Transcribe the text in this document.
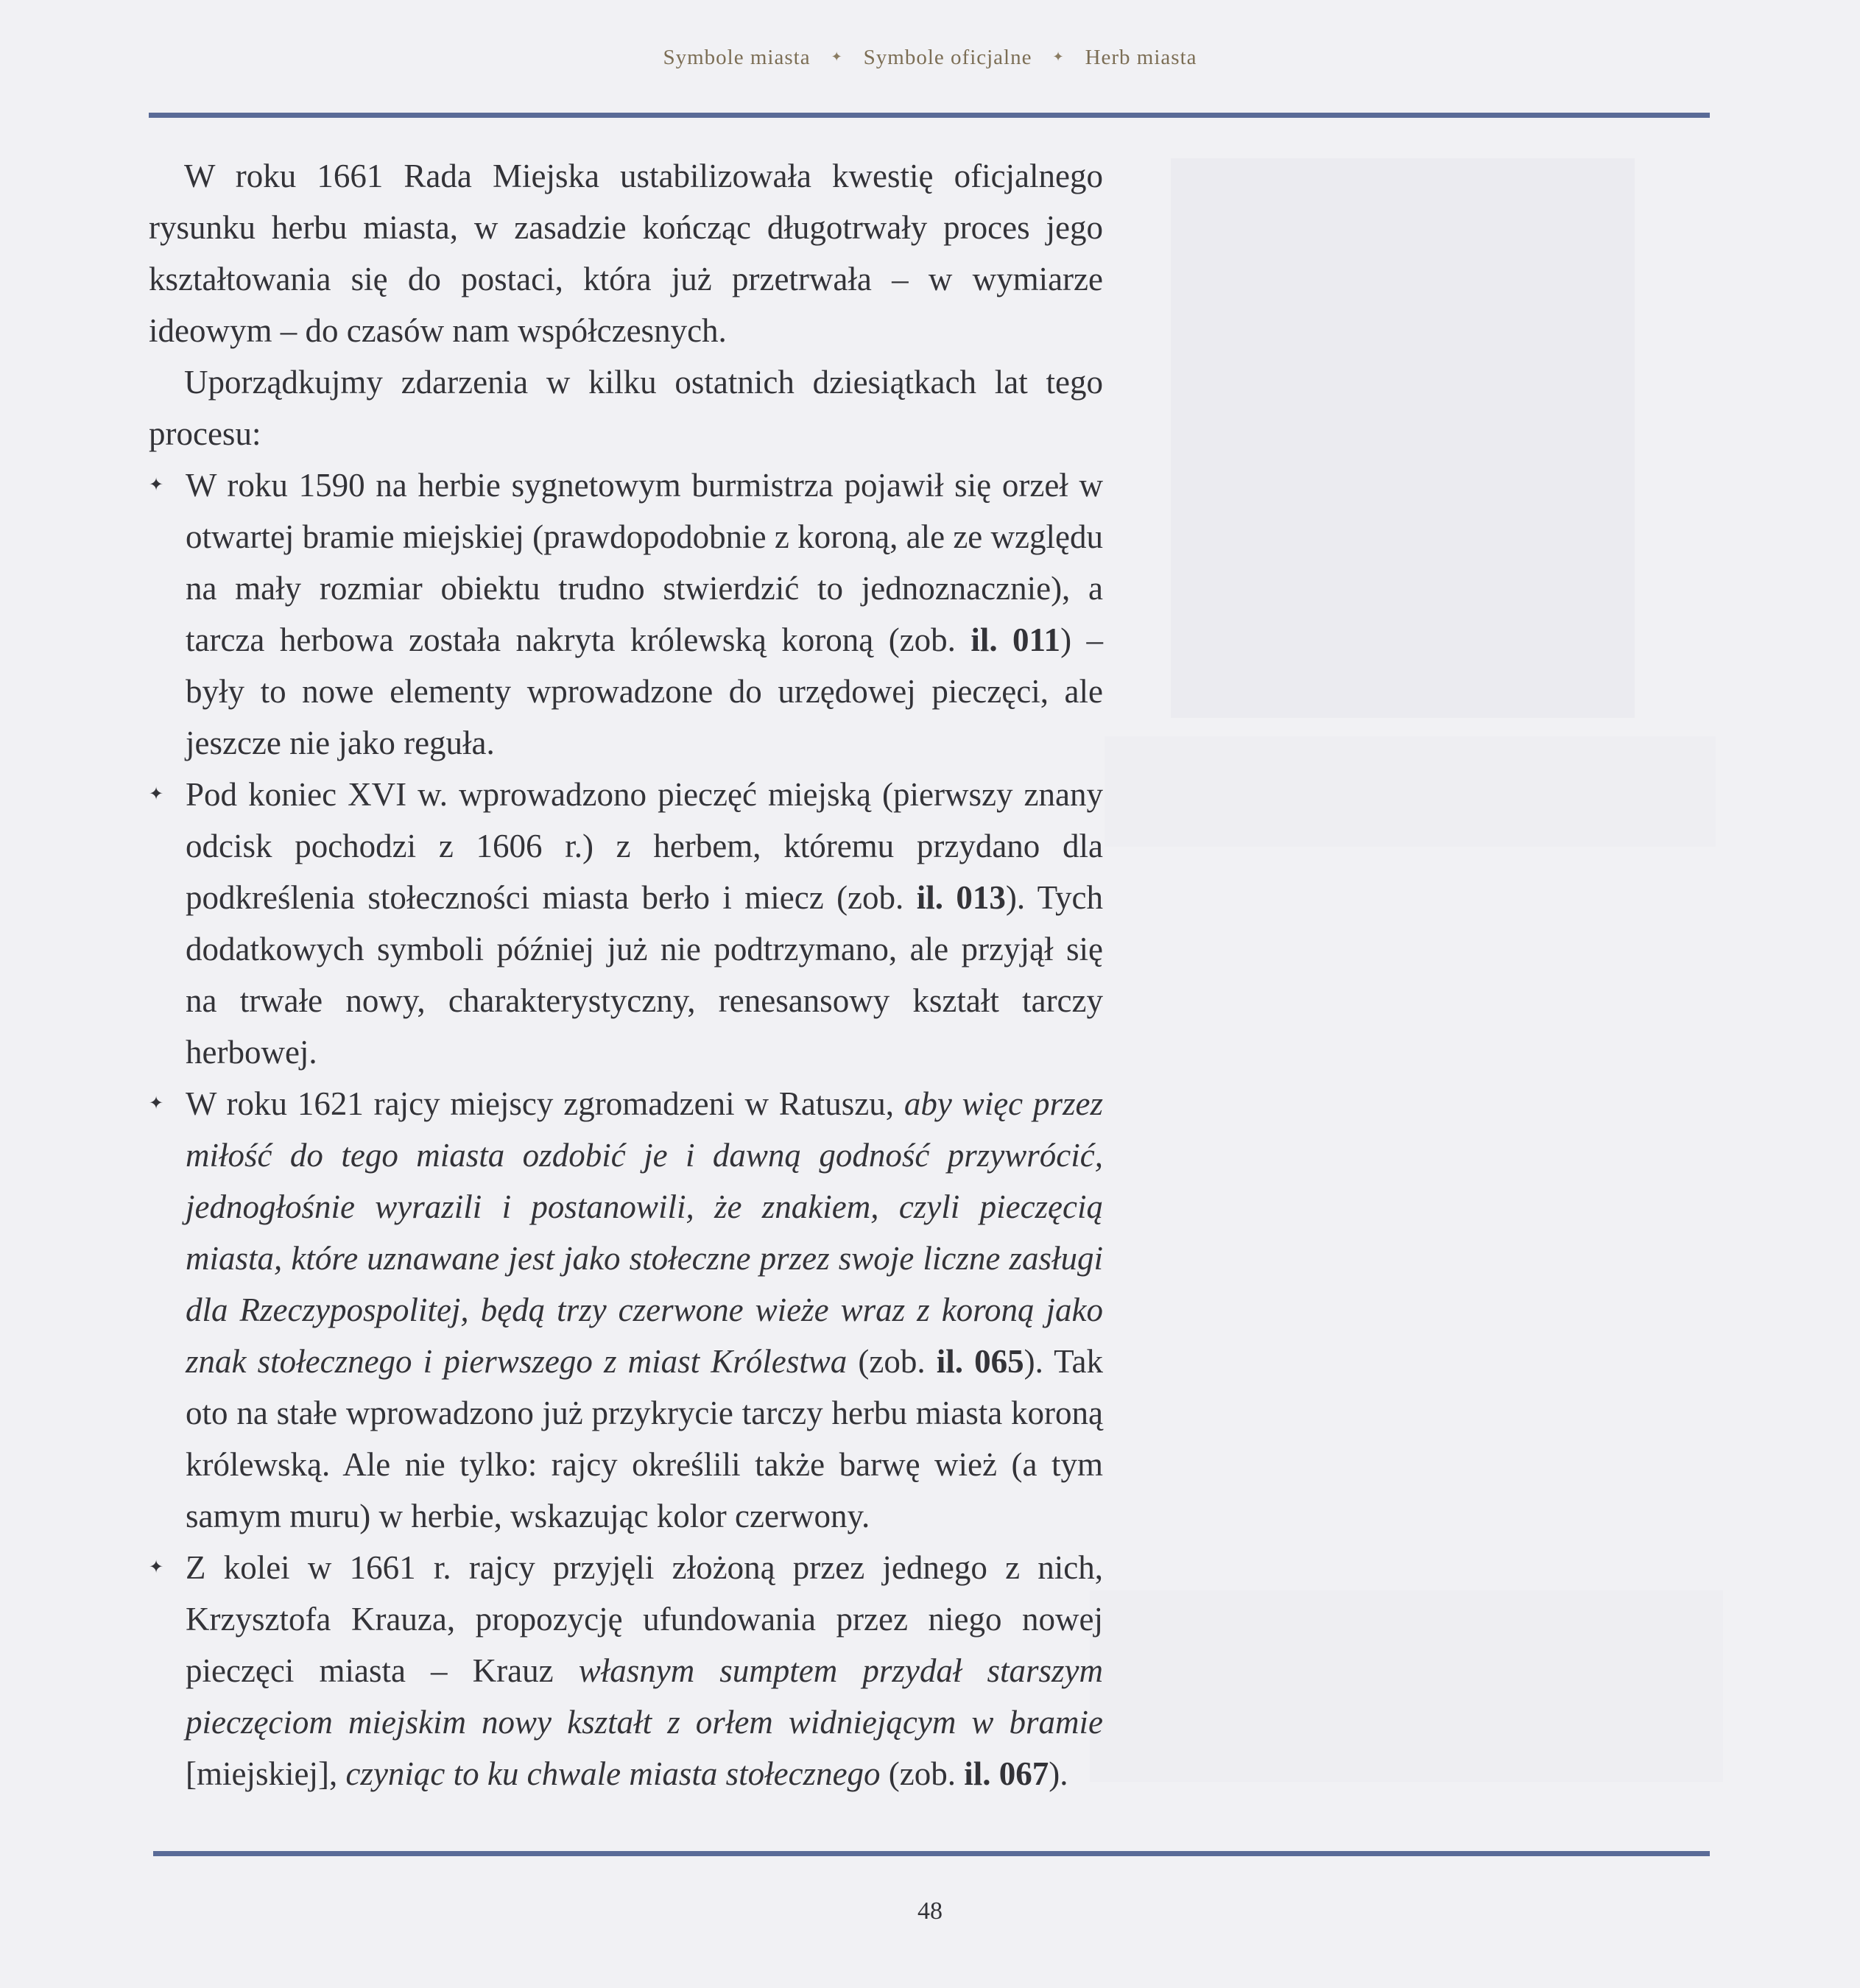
Symbole miasta ✦ Symbole oficjalne ✦ Herb miasta

W roku 1661 Rada Miejska ustabilizowała kwestię oficjalnego rysunku herbu miasta, w zasadzie kończąc długotrwały proces jego kształtowania się do postaci, która już przetrwała – w wymiarze ideowym – do czasów nam współczesnych.

Uporządkujmy zdarzenia w kilku ostatnich dziesiątkach lat tego procesu:

✦ W roku 1590 na herbie sygnetowym burmistrza pojawił się orzeł w otwartej bramie miejskiej (prawdopodobnie z koroną, ale ze względu na mały rozmiar obiektu trudno stwierdzić to jednoznacznie), a tarcza herbowa została nakryta królewską koroną (zob. il. 011) – były to nowe elementy wprowadzone do urzędowej pieczęci, ale jeszcze nie jako reguła.
✦ Pod koniec XVI w. wprowadzono pieczęć miejską (pierwszy znany odcisk pochodzi z 1606 r.) z herbem, któremu przydano dla podkreślenia stołeczności miasta berło i miecz (zob. il. 013). Tych dodatkowych symboli później już nie podtrzymano, ale przyjął się na trwałe nowy, charakterystyczny, renesansowy kształt tarczy herbowej.
✦ W roku 1621 rajcy miejscy zgromadzeni w Ratuszu, aby więc przez miłość do tego miasta ozdobić je i dawną godność przywrócić, jednogłośnie wyrazili i postanowili, że znakiem, czyli pieczęcią miasta, które uznawane jest jako stołeczne przez swoje liczne zasługi dla Rzeczypospolitej, będą trzy czerwone wieże wraz z koroną jako znak stołecznego i pierwszego z miast Królestwa (zob. il. 065). Tak oto na stałe wprowadzono już przykrycie tarczy herbu miasta koroną królewską. Ale nie tylko: rajcy określili także barwę wież (a tym samym muru) w herbie, wskazując kolor czerwony.
✦ Z kolei w 1661 r. rajcy przyjęli złożoną przez jednego z nich, Krzysztofa Krauza, propozycję ufundowania przez niego nowej pieczęci miasta – Krauz własnym sumptem przydał starszym pieczęciom miejskim nowy kształt z orłem widniejącym w bramie [miejskiej], czyniąc to ku chwale miasta stołecznego (zob. il. 067).
48
